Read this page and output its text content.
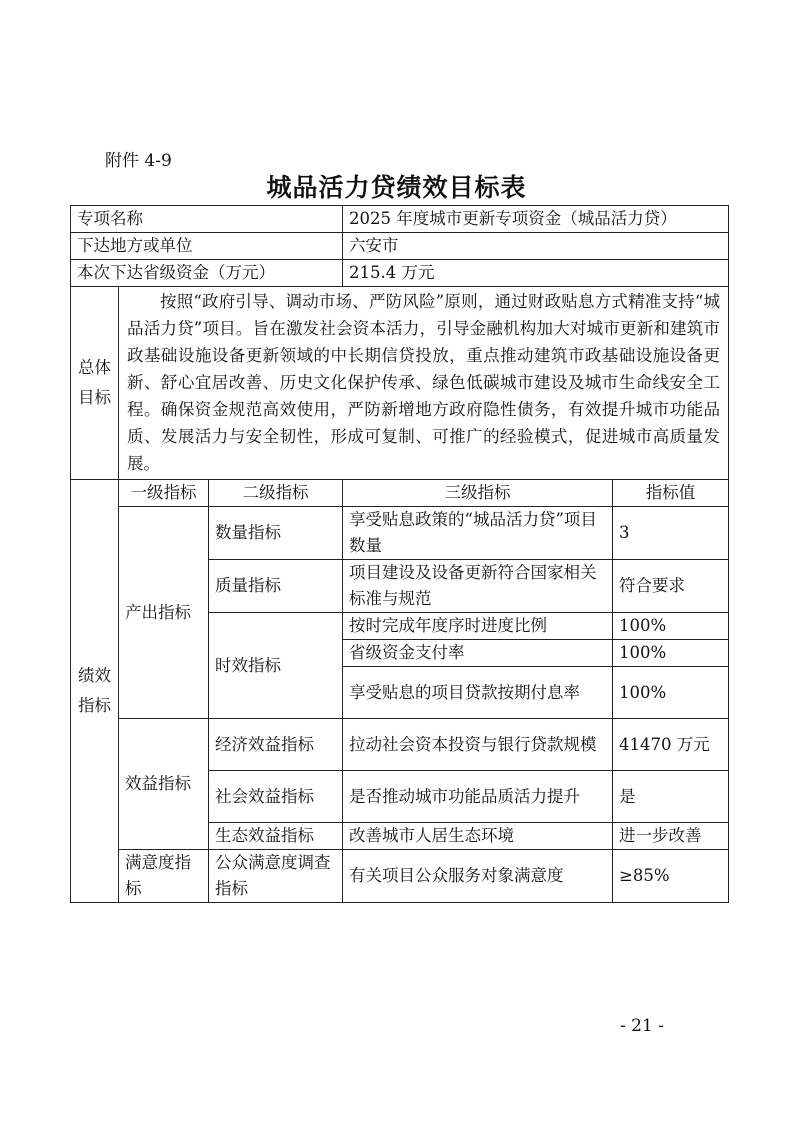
附件 4-9
城品活力贷绩效目标表
专项名称			2025 年度城市更新专项资金（城品活力贷）	
下达地方或单位			六安市	
本次下达省级资金（万元）			215.4 万元	
总体目标	按照“政府引导、调动市场、严防风险”原则，通过财政贴息方式精准支持“城品活力贷”项目。旨在激发社会资本活力，引导金融机构加大对城市更新和建筑市政基础设施设备更新领域的中长期信贷投放，重点推动建筑市政基础设施设备更新、舒心宜居改善、历史文化保护传承、绿色低碳城市建设及城市生命线安全工程。确保资金规范高效使用，严防新增地方政府隐性债务，有效提升城市功能品质、发展活力与安全韧性，形成可复制、可推广的经验模式，促进城市高质量发展。			
绩效指标	一级指标	二级指标	三级指标	指标值
	产出指标	数量指标	享受贴息政策的“城品活力贷”项目数量	3
		质量指标	项目建设及设备更新符合国家相关标准与规范	符合要求
		时效指标	按时完成年度序时进度比例	100%
			省级资金支付率	100%
			享受贴息的项目贷款按期付息率	100%
	效益指标	经济效益指标	拉动社会资本投资与银行贷款规模	41470 万元
		社会效益指标	是否推动城市功能品质活力提升	是
		生态效益指标	改善城市人居生态环境	进一步改善
	满意度指标	公众满意度调查指标	有关项目公众服务对象满意度	≥85%
- 21 -
